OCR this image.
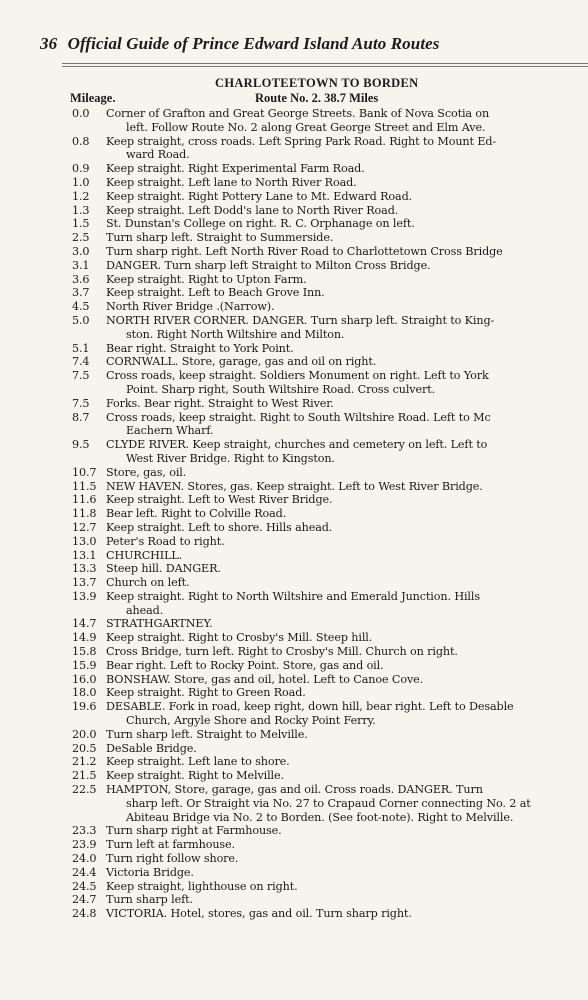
36 Official Guide of Prince Edward Island Auto Routes
CHARLOTEETOWN TO BORDEN
Mileage.	Route No. 2. 38.7 Miles
0.0	Corner of Grafton and Great George Streets. Bank of Nova Scotia on
left. Follow Route No. 2 along Great George Street and Elm Ave.
0.8	Keep straight, cross roads. Left Spring Park Road. Right to Mount Ed-
ward Road.
0.9	Keep straight. Right Experimental Farm Road.
1.0	Keep straight. Left lane to North River Road.
1.2	Keep straight. Right Pottery Lane to Mt. Edward Road.
1.3	Keep straight. Left Dodd's lane to North River Road.
1.5	St. Dunstan's College on right. R. C. Orphanage on left.
2.5	Turn sharp left. Straight to Summerside.
3.0	Turn sharp right. Left North River Road to Charlottetown Cross Bridge
3.1	DANGER. Turn sharp left Straight to Milton Cross Bridge.
3.6	Keep straight. Right to Upton Farm.
3.7	Keep straight. Left to Beach Grove Inn.
4.5	North River Bridge .(Narrow).
5.0	NORTH RIVER CORNER. DANGER. Turn sharp left. Straight to King-
ston. Right North Wiltshire and Milton.
5.1	Bear right. Straight to York Point.
7.4	CORNWALL. Store, garage, gas and oil on right.
7.5	Cross roads, keep straight. Soldiers Monument on right. Left to York
Point. Sharp right, South Wiltshire Road. Cross culvert.
7.5	Forks. Bear right. Straight to West River.
8.7	Cross roads, keep straight. Right to South Wiltshire Road. Left to Mc
Eachern Wharf.
9.5	CLYDE RIVER. Keep straight, churches and cemetery on left. Left to
West River Bridge. Right to Kingston.
10.7 Store, gas, oil.
11.5 NEW HAVEN. Stores, gas. Keep straight. Left to West River Bridge.
11.6 Keep straight. Left to West River Bridge.
11.8 Bear left. Right to Colville Road.
12.7 Keep straight. Left to shore. Hills ahead.
13.0 Peter's Road to right.
13.1 CHURCHILL.
13.3 Steep hill. DANGER.
13.7 Church on left.
13.9 Keep straight. Right to North Wiltshire and Emerald Junction. Hills
ahead.
14.7 STRATHGARTNEY.
14.9 Keep straight. Right to Crosby's Mill. Steep hill.
15.8 Cross Bridge, turn left. Right to Crosby's Mill. Church on right.
15.9 Bear right. Left to Rocky Point. Store, gas and oil.
16.0 BONSHAW. Store, gas and oil, hotel. Left to Canoe Cove.
18.0 Keep straight. Right to Green Road.
19.6 DESABLE. Fork in road, keep right, down hill, bear right. Left to Desable
Church, Argyle Shore and Rocky Point Ferry.
20.0 Turn sharp left. Straight to Melville.
20.5 DeSable Bridge.
21.2 Keep straight. Left lane to shore.
21.5 Keep straight. Right to Melville.
22.5 HAMPTON, Store, garage, gas and oil. Cross roads. DANGER. Turn
sharp left. Or Straight via No. 27 to Crapaud Corner connecting No. 2 at
Abiteau Bridge via No. 2 to Borden. (See foot-note). Right to Melville.
23.3 Turn sharp right at Farmhouse.
23.9 Turn left at farmhouse.
24.0 Turn right follow shore.
24.4 Victoria Bridge.
24.5 Keep straight, lighthouse on right.
24.7 Turn sharp left.
24.8 VICTORIA. Hotel, stores, gas and oil. Turn sharp right.
